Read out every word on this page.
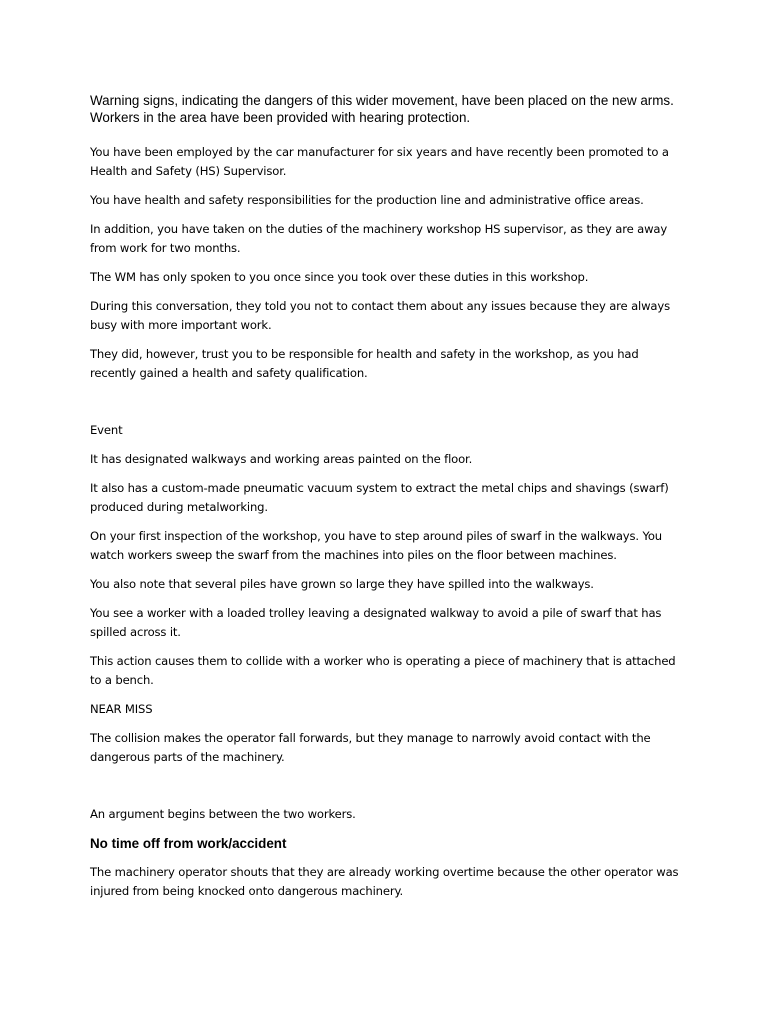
Warning signs, indicating the dangers of this wider movement, have been placed on the new arms.

Workers in the area have been provided with hearing protection.

You have been employed by the car manufacturer for six years and have recently been promoted to a Health and Safety (HS) Supervisor.

You have health and safety responsibilities for the production line and administrative office areas.

In addition, you have taken on the duties of the machinery workshop HS supervisor, as they are away from work for two months.

The WM has only spoken to you once since you took over these duties in this workshop.

During this conversation, they told you not to contact them about any issues because they are always busy with more important work.

They did, however, trust you to be responsible for health and safety in the workshop, as you had recently gained a health and safety qualification.

Event

It has designated walkways and working areas painted on the floor.

It also has a custom-made pneumatic vacuum system to extract the metal chips and shavings (swarf) produced during metalworking.

On your first inspection of the workshop, you have to step around piles of swarf in the walkways. You watch workers sweep the swarf from the machines into piles on the floor between machines.

You also note that several piles have grown so large they have spilled into the walkways.

You see a worker with a loaded trolley leaving a designated walkway to avoid a pile of swarf that has spilled across it.

This action causes them to collide with a worker who is operating a piece of machinery that is attached to a bench.

NEAR MISS

The collision makes the operator fall forwards, but they manage to narrowly avoid contact with the dangerous parts of the machinery.

An argument begins between the two workers.

No time off from work/accident

The machinery operator shouts that they are already working overtime because the other operator was injured from being knocked onto dangerous machinery.
